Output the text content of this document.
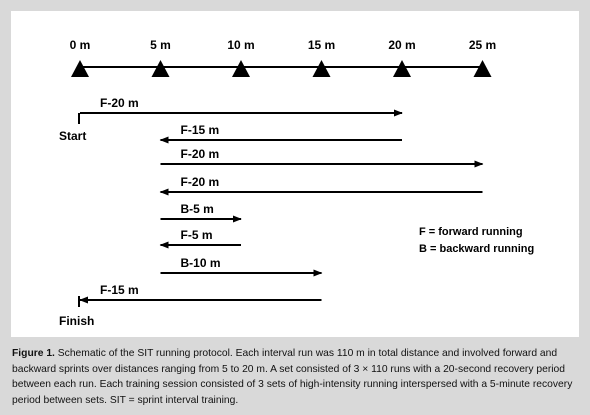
0 m	5 m	10 m	15 m	20 m	25 m
F-20 m
F-15 m
F-20 m
F-20 m
B-5 m
F-5 m
B-10 m
F-15 m
Start
Finish
F = forward running
B = backward running
Figure 1. Schematic of the SIT running protocol. Each interval run was 110 m in total distance and involved forward and backward sprints over distances ranging from 5 to 20 m. A set consisted of 3 × 110 runs with a 20-second recovery period between each run. Each training session consisted of 3 sets of high-intensity running interspersed with a 5-minute recovery period between sets. SIT = sprint interval training.
